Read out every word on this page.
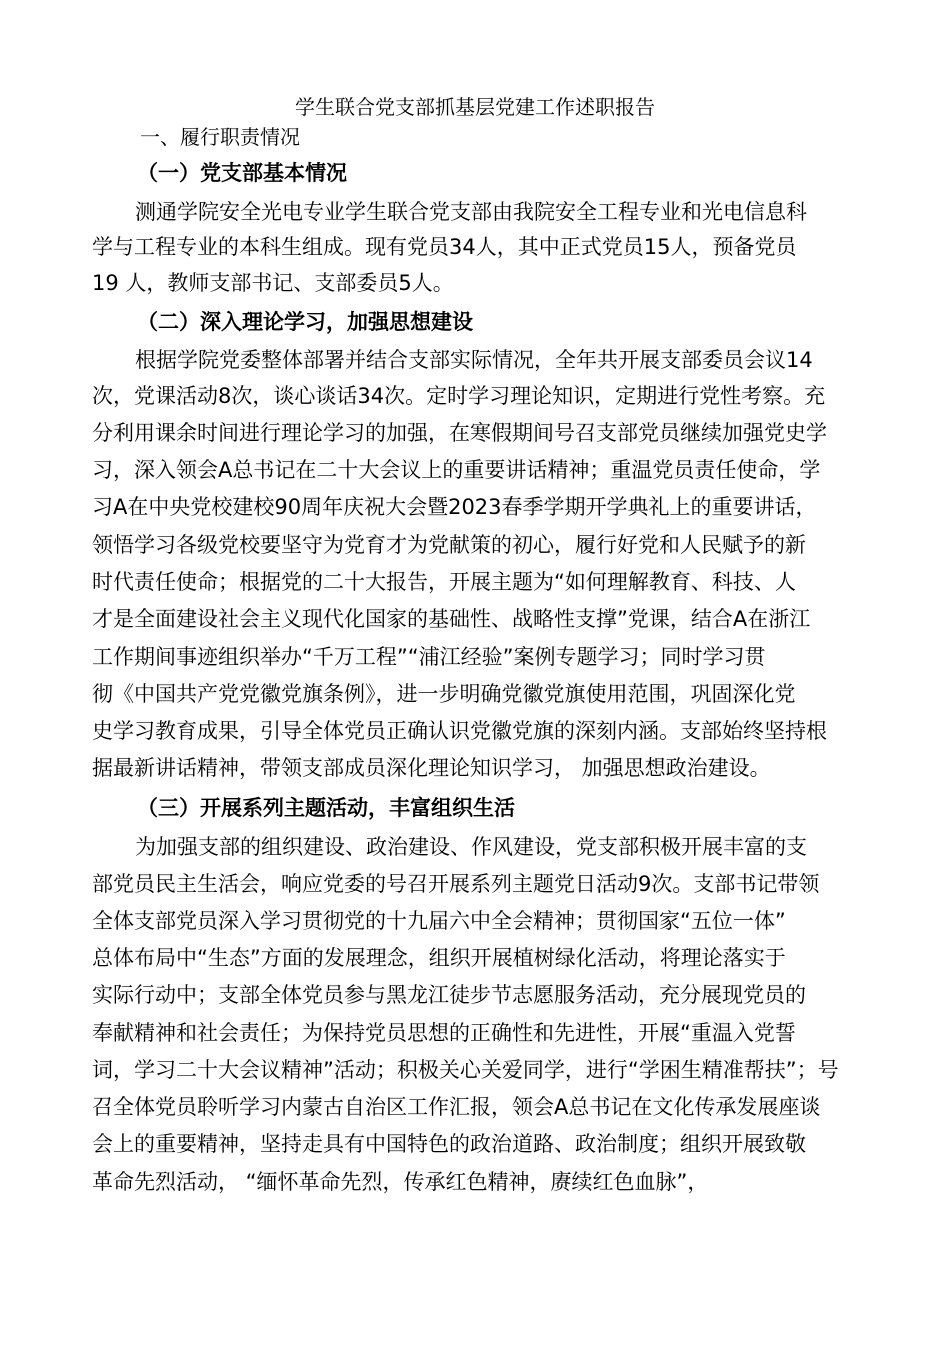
学生联合党支部抓基层党建工作述职报告
一、履行职责情况
（一）党支部基本情况
测通学院安全光电专业学生联合党支部由我院安全工程专业和光电信息科
学与工程专业的本科生组成。现有党员34人，其中正式党员15人，预备党员
19 人，教师支部书记、支部委员5人。
（二）深入理论学习，加强思想建设
根据学院党委整体部署并结合支部实际情况，全年共开展支部委员会议14
次，党课活动8次，谈心谈话34次。定时学习理论知识，定期进行党性考察。充
分利用课余时间进行理论学习的加强，在寒假期间号召支部党员继续加强党史学
习，深入领会A总书记在二十大会议上的重要讲话精神；重温党员责任使命，学
习A在中央党校建校90周年庆祝大会暨2023春季学期开学典礼上的重要讲话，
领悟学习各级党校要坚守为党育才为党献策的初心，履行好党和人民赋予的新
时代责任使命；根据党的二十大报告，开展主题为“如何理解教育、科技、人
才是全面建设社会主义现代化国家的基础性、战略性支撑”党课，结合A在浙江
工作期间事迹组织举办“千万工程”“浦江经验”案例专题学习；同时学习贯
彻《中国共产党党徽党旗条例》，进一步明确党徽党旗使用范围，巩固深化党
史学习教育成果，引导全体党员正确认识党徽党旗的深刻内涵。支部始终坚持根
据最新讲话精神，带领支部成员深化理论知识学习， 加强思想政治建设。
（三）开展系列主题活动，丰富组织生活
为加强支部的组织建设、政治建设、作风建设，党支部积极开展丰富的支
部党员民主生活会，响应党委的号召开展系列主题党日活动9次。支部书记带领
全体支部党员深入学习贯彻党的十九届六中全会精神；贯彻国家“五位一体”
总体布局中“生态”方面的发展理念，组织开展植树绿化活动，将理论落实于
实际行动中；支部全体党员参与黑龙江徒步节志愿服务活动，充分展现党员的
奉献精神和社会责任；为保持党员思想的正确性和先进性，开展“重温入党誓
词，学习二十大会议精神”活动；积极关心关爱同学，进行“学困生精准帮扶”；号
召全体党员聆听学习内蒙古自治区工作汇报，领会A总书记在文化传承发展座谈
会上的重要精神，坚持走具有中国特色的政治道路、政治制度；组织开展致敬
革命先烈活动， “缅怀革命先烈，传承红色精神，赓续红色血脉”，
